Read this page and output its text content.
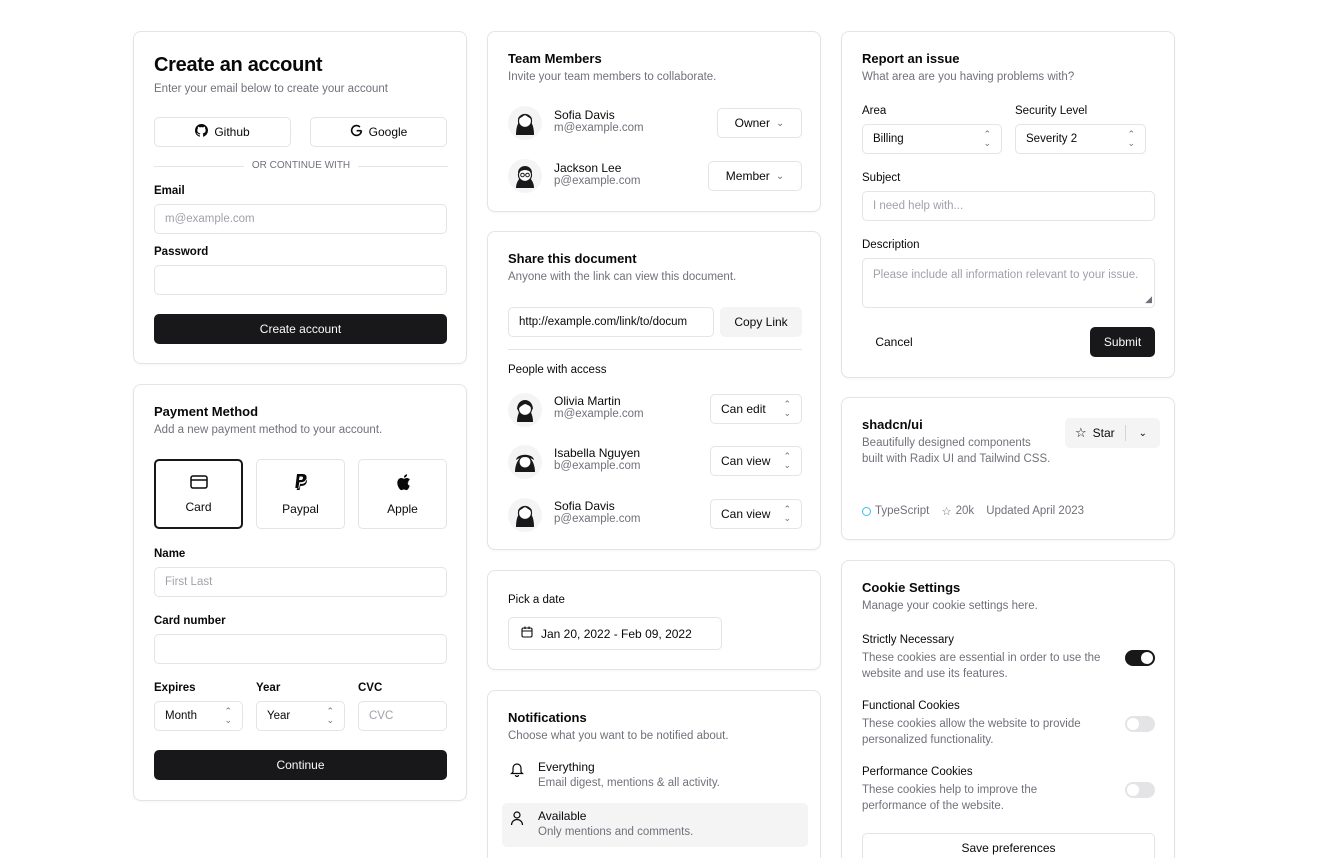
Create an account
Enter your email below to create your account
Github	Google
OR CONTINUE WITH
Email
m@example.com
Password
Create account
Payment Method
Add a new payment method to your account.
Card	Paypal	Apple
Name
First Last
Card number
Expires
Month	⌃
⌄
Year
Year	⌃
⌄
CVC
CVC
Continue
Team Members
Invite your team members to collaborate.
Sofia Davis
m@example.com	Owner ⌄
Jackson Lee
p@example.com	Member ⌄
Share this document
Anyone with the link can view this document.
http://example.com/link/to/docum	Copy Link
People with access
Olivia Martin
m@example.com	Can edit ⌃
⌄
Isabella Nguyen
b@example.com	Can view ⌃
⌄
Sofia Davis
p@example.com	Can view ⌃
⌄
Pick a date
Jan 20, 2022 - Feb 09, 2022
Notifications
Choose what you want to be notified about.
Everything
Email digest, mentions & all activity.
Available
Only mentions and comments.
Report an issue
What area are you having problems with?
Area
Billing	⌃
⌄
Security Level
Severity 2	⌃
⌄
Subject
I need help with...
Description
Please include all information relevant to your issue.
◢
Cancel	Submit
shadcn/ui
Beautifully designed components built with Radix UI and Tailwind CSS.
☆ Star ⌄
TypeScript ☆ 20k Updated April 2023
Cookie Settings
Manage your cookie settings here.
Strictly Necessary
These cookies are essential in order to use the website and use its features.
Functional Cookies
These cookies allow the website to provide personalized functionality.
Performance Cookies
These cookies help to improve the performance of the website.
Save preferences
